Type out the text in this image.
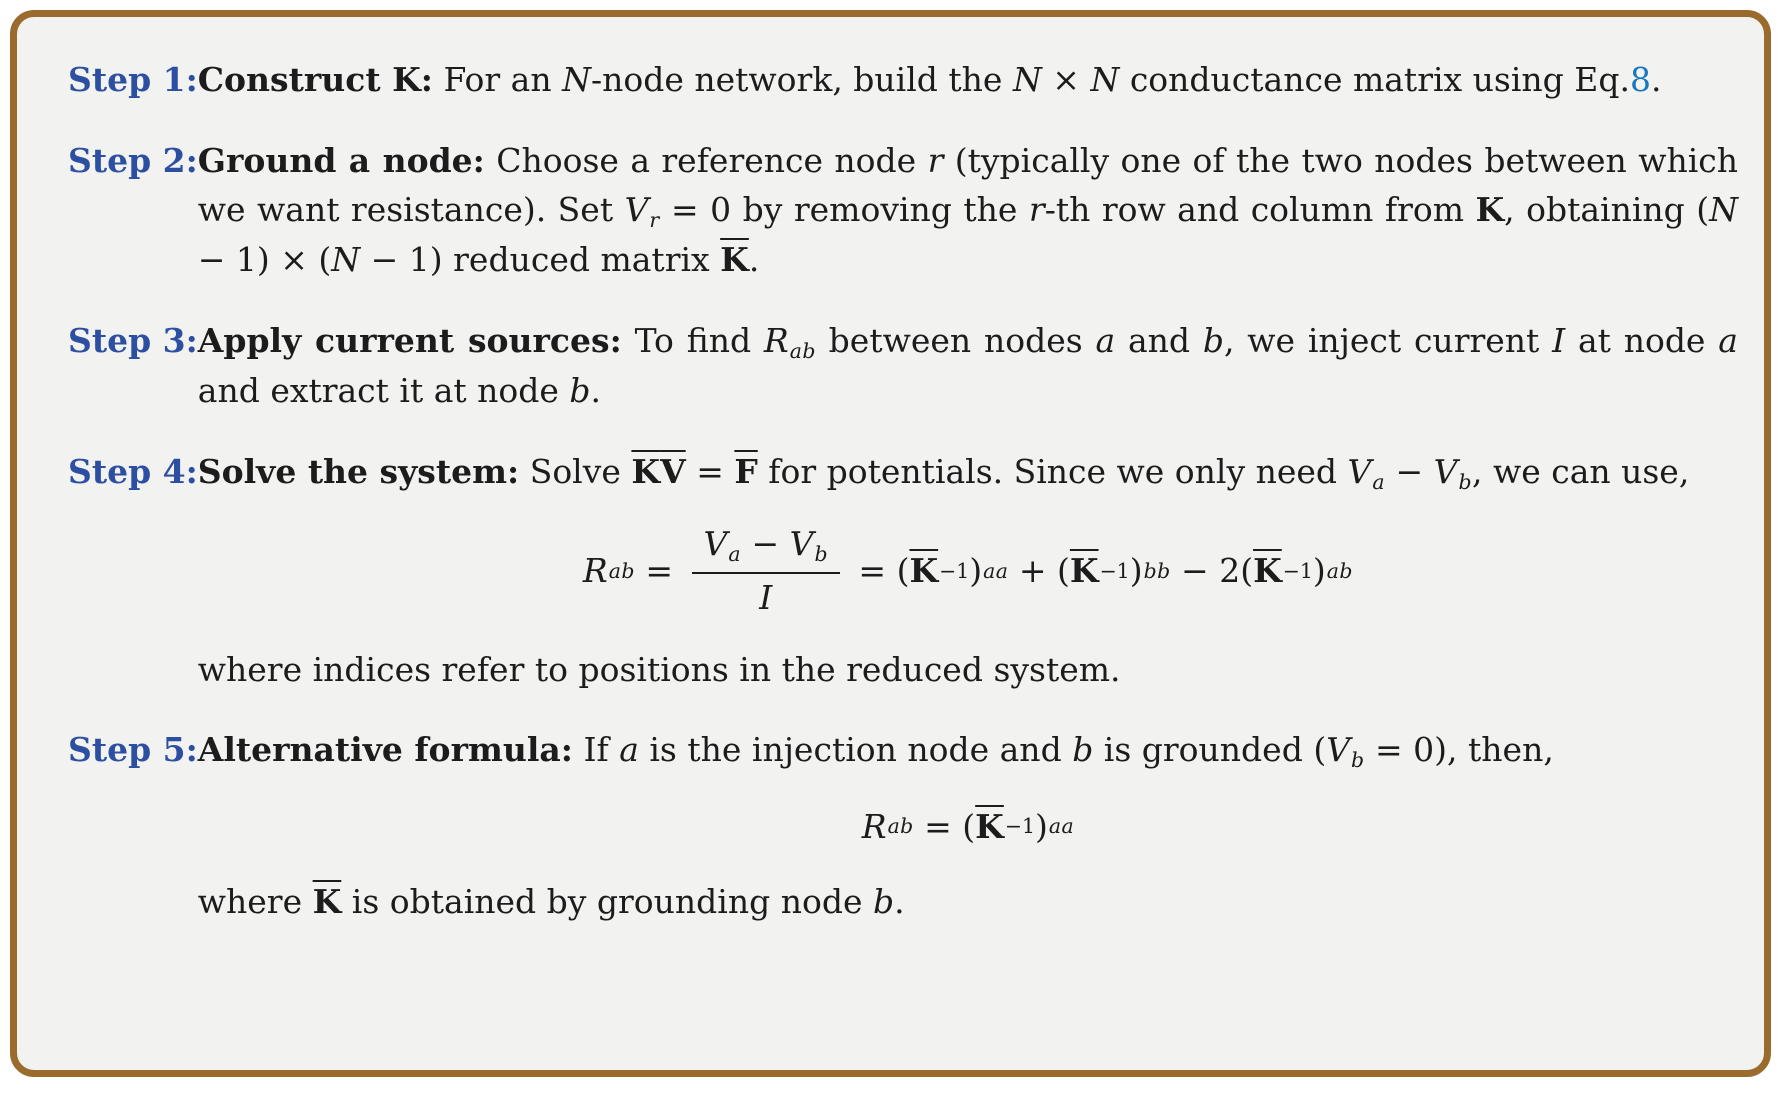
Step 1: Construct K: For an N-node network, build the N × N conductance matrix using Eq.8.
Step 2: Ground a node: Choose a reference node r (typically one of the two nodes between which we want resistance). Set Vr = 0 by removing the r-th row and column from K, obtaining (N − 1) × (N − 1) reduced matrix $\overline{K}$.
Step 3: Apply current sources: To find Rab between nodes a and b, we inject current I at node a and extract it at node b.
Step 4: Solve the system: Solve $\overline{K}\overline{V} = \overline{F}$ for potentials. Since we only need Va − Vb, we can use,
R ab = $\frac{Va - Vb}{I}$ = ( $\overline{K} -1$ ) aa + ( $\overline{K} -1$ ) bb − 2( $\overline{K} -1$ ) ab
where indices refer to positions in the reduced system.
Step 5: Alternative formula: If a is the injection node and b is grounded (Vb = 0), then,
R ab = ( $\overline{K} -1$ ) aa
where $\overline{K}$ is obtained by grounding node b.
